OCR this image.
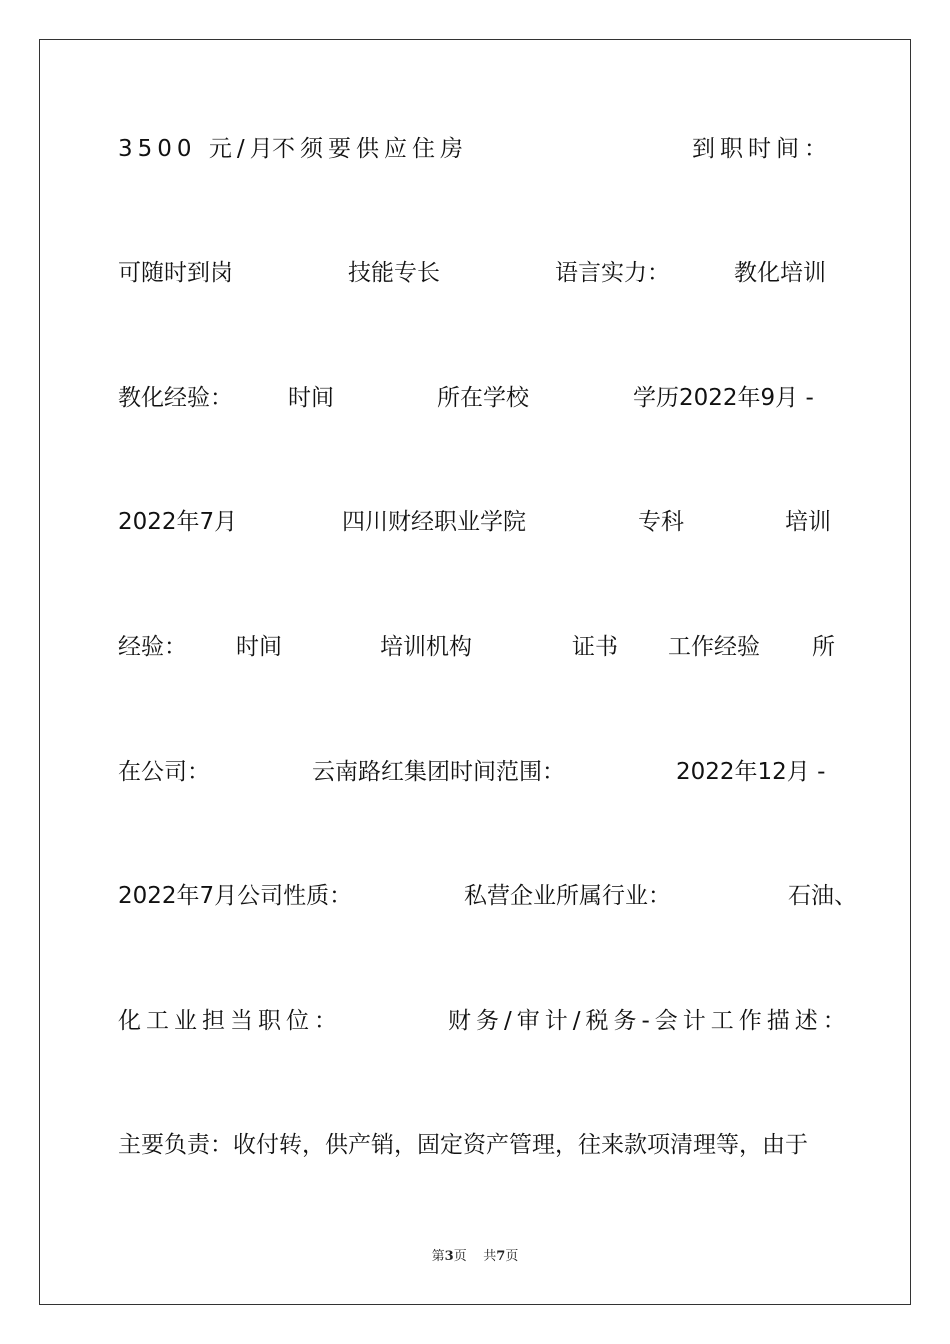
3500 元/月
不须要供应住房	到职时间：
可随时到岗	技能专长	语言实力：	教化培训
教化经验： 时间	所在学校	学历2022年9月 -
2022年7月	四川财经职业学院	专科	培训
经验： 时间	培训机构	证书 工作经验 所
在公司：	云南路红集团时间范围：	2022年12月 -
2022年7月公司性质：	私营企业所属行业：	石油、
化工业担当职位：	财务/审计/税务-会计工作描述：
主要负责：收付转，供产销，固定资产管理，往来款项清理等，由于
第3页 共7页
